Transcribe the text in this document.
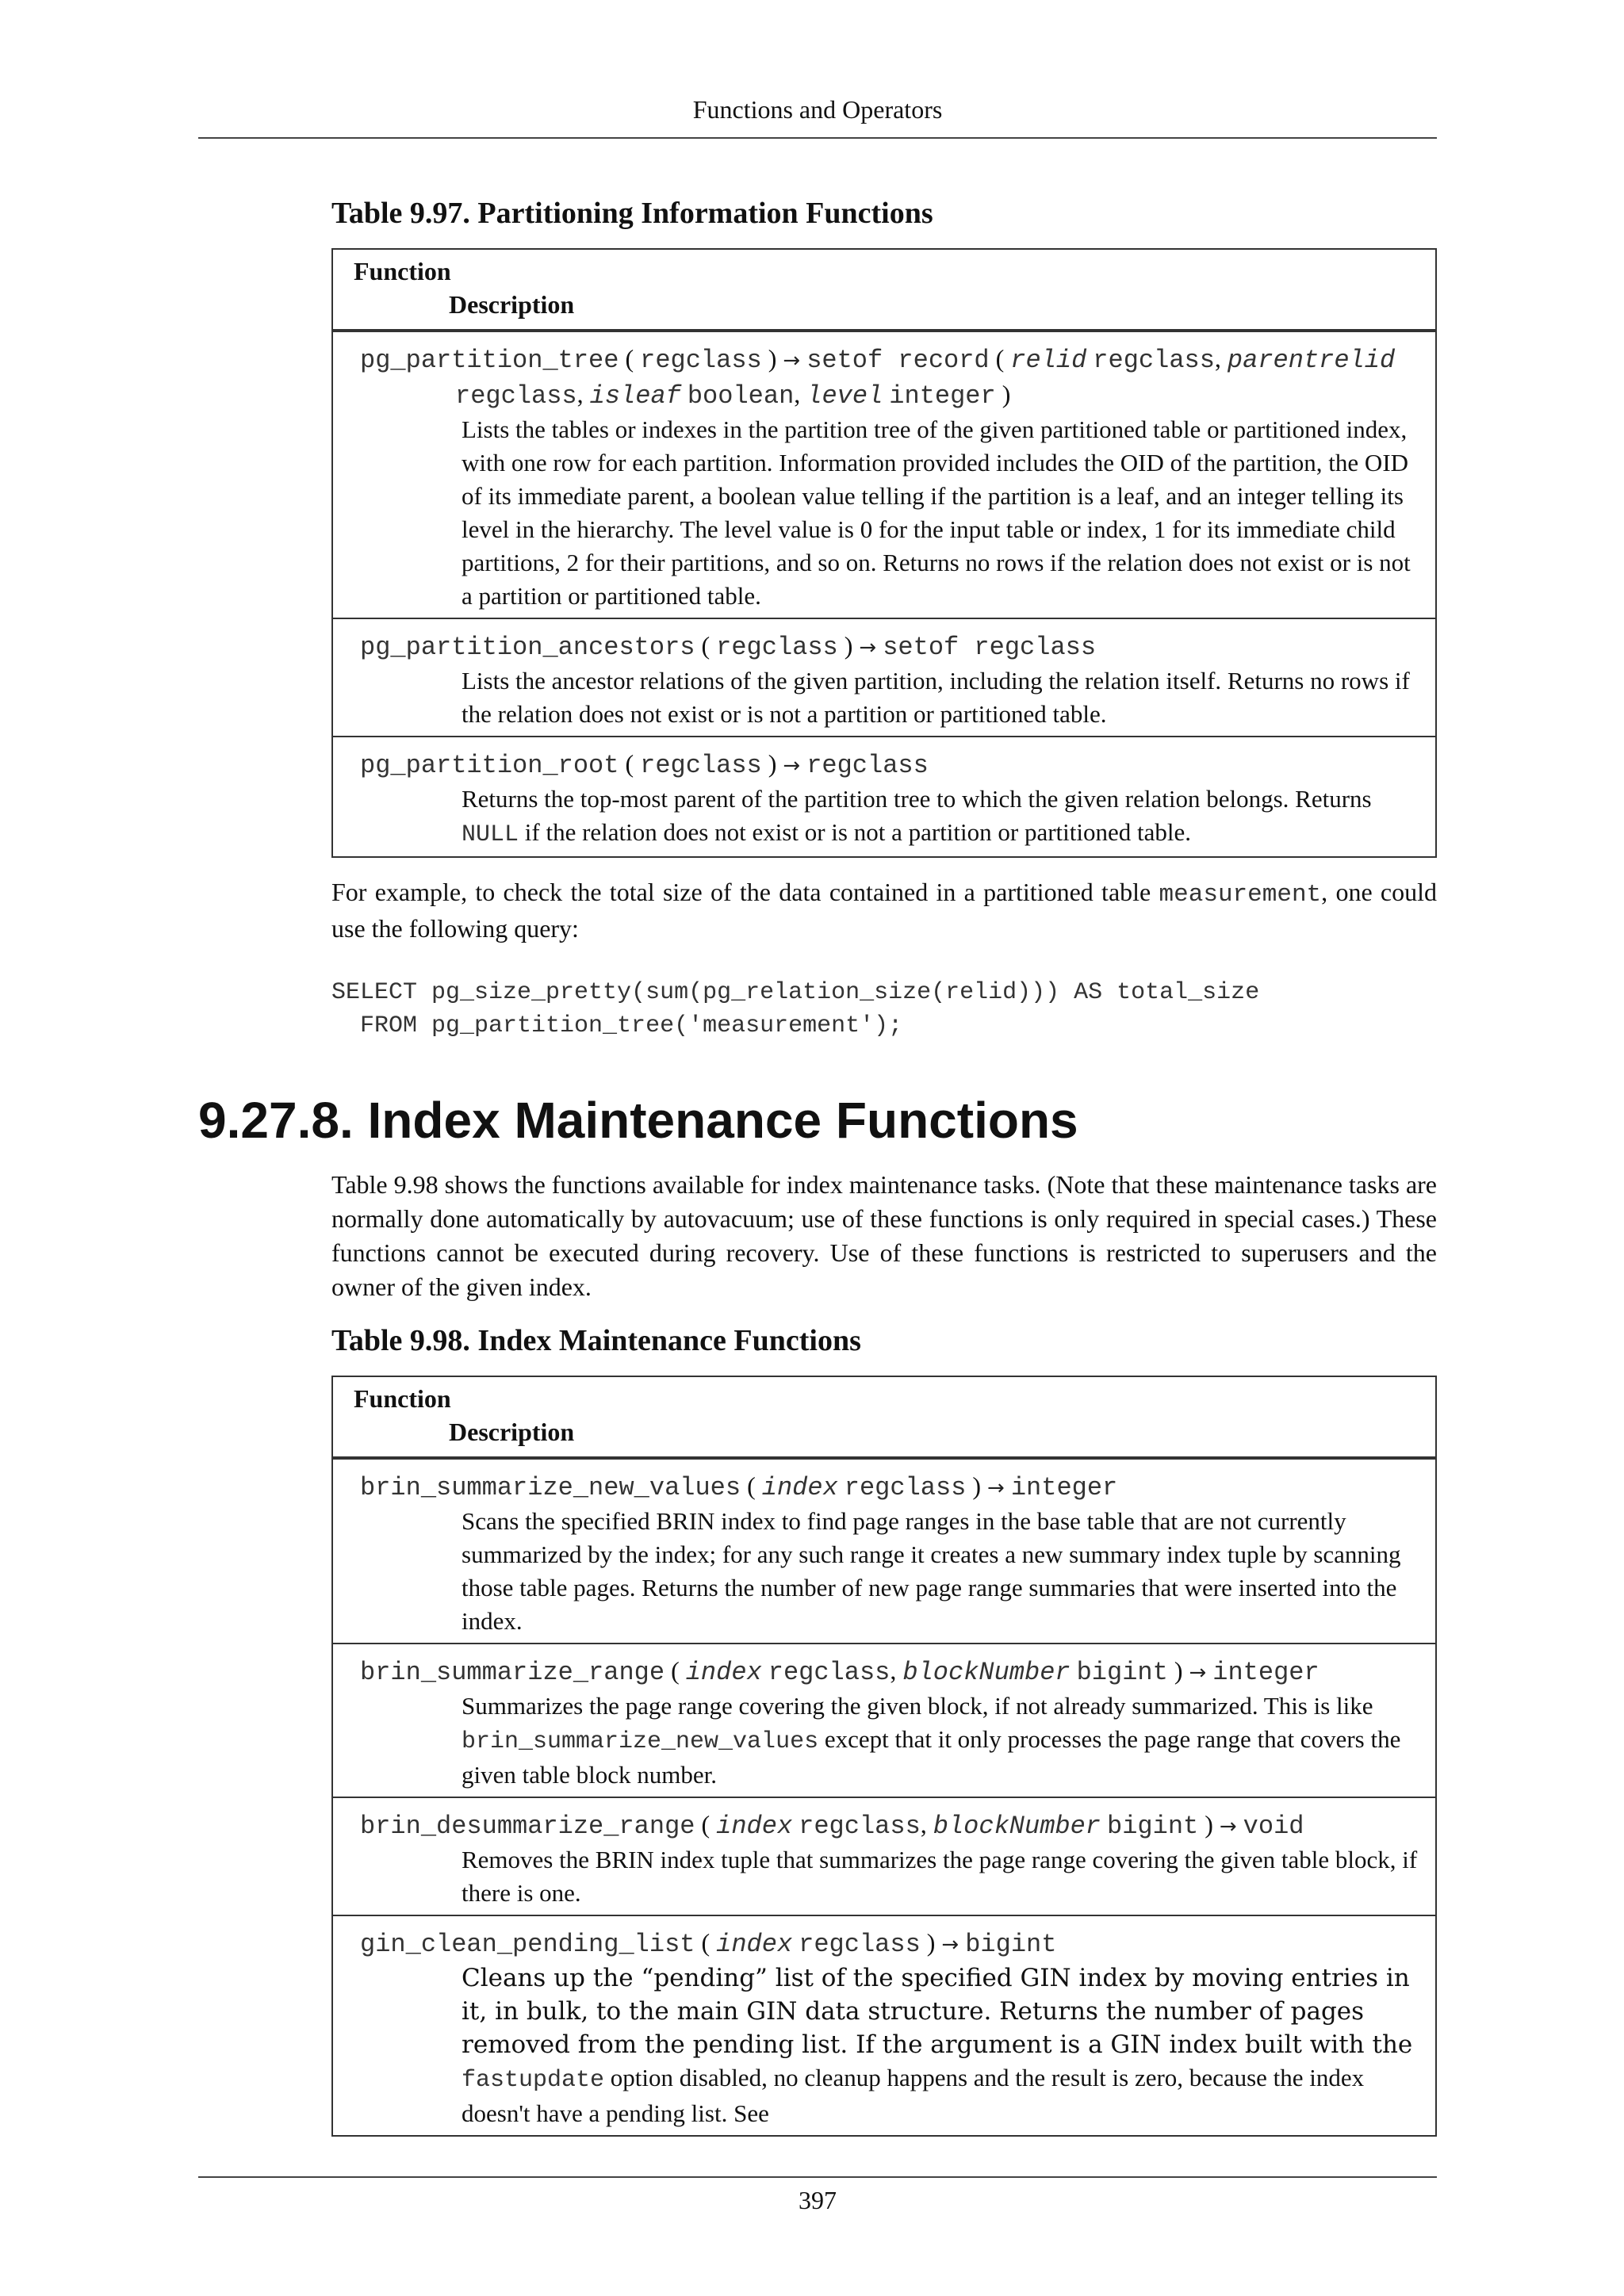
Functions and Operators
Table 9.97. Partitioning Information Functions
Function
Description
pg_partition_tree ( regclass ) → setof record ( relid regclass, parentrelid regclass, isleaf boolean, level integer )
Lists the tables or indexes in the partition tree of the given partitioned table or partitioned index, with one row for each partition. Information provided includes the OID of the partition, the OID of its immediate parent, a boolean value telling if the partition is a leaf, and an integer telling its level in the hierarchy. The level value is 0 for the input table or index, 1 for its immediate child partitions, 2 for their partitions, and so on. Returns no rows if the relation does not exist or is not a partition or partitioned table.
pg_partition_ancestors ( regclass ) → setof regclass
Lists the ancestor relations of the given partition, including the relation itself. Returns no rows if the relation does not exist or is not a partition or partitioned table.
pg_partition_root ( regclass ) → regclass
Returns the top-most parent of the partition tree to which the given relation belongs. Returns NULL if the relation does not exist or is not a partition or partitioned table.

For example, to check the total size of the data contained in a partitioned table measurement, one could use the following query:

SELECT pg_size_pretty(sum(pg_relation_size(relid))) AS total_size
FROM pg_partition_tree('measurement');
9.27.8. Index Maintenance Functions

Table 9.98 shows the functions available for index maintenance tasks. (Note that these maintenance tasks are normally done automatically by autovacuum; use of these functions is only required in special cases.) These functions cannot be executed during recovery. Use of these functions is restricted to superusers and the owner of the given index.

Table 9.98. Index Maintenance Functions
Function
Description
brin_summarize_new_values ( index regclass ) → integer
Scans the specified BRIN index to find page ranges in the base table that are not currently summarized by the index; for any such range it creates a new summary index tuple by scanning those table pages. Returns the number of new page range summaries that were inserted into the index.
brin_summarize_range ( index regclass, blockNumber bigint ) → integer
Summarizes the page range covering the given block, if not already summarized. This is like brin_summarize_new_values except that it only processes the page range that covers the given table block number.
brin_desummarize_range ( index regclass, blockNumber bigint ) → void
Removes the BRIN index tuple that summarizes the page range covering the given table block, if there is one.
gin_clean_pending_list ( index regclass ) → bigint
Cleans up the “pending” list of the specified GIN index by moving entries in it, in bulk, to the main GIN data structure. Returns the number of pages removed from the pending list. If the argument is a GIN index built with the fastupdate option disabled, no cleanup happens and the result is zero, because the index doesn't have a pending list. See
397
